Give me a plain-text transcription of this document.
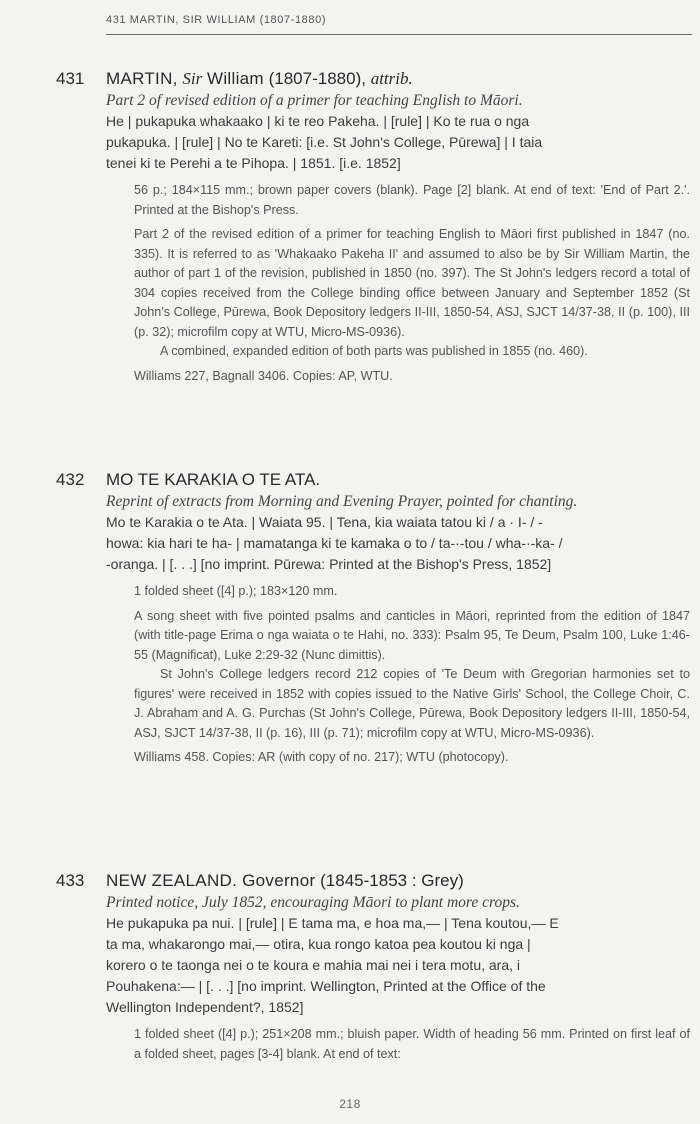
431 MARTIN, SIR WILLIAM (1807-1880)
431 MARTIN, Sir William (1807-1880), attrib.
Part 2 of revised edition of a primer for teaching English to Māori.
He | pukapuka whakaako | ki te reo Pakeha. | [rule] | Ko te rua o nga
pukapuka. | [rule] | No te Kareti: [i.e. St John's College, Pūrewa] | I taia
tenei ki te Perehi a te Pihopa. | 1851. [i.e. 1852]
56 p.; 184×115 mm.; brown paper covers (blank). Page [2] blank. At end of text: 'End of Part 2.'. Printed at the Bishop's Press.
Part 2 of the revised edition of a primer for teaching English to Māori first published in 1847 (no. 335). It is referred to as 'Whakaako Pakeha II' and assumed to also be by Sir William Martin, the author of part 1 of the revision, published in 1850 (no. 397). The St John's ledgers record a total of 304 copies received from the College binding office between January and September 1852 (St John's College, Pūrewa, Book Depository ledgers II-III, 1850-54, ASJ, SJCT 14/37-38, II (p. 100), III (p. 32); microfilm copy at WTU, Micro-MS-0936).
A combined, expanded edition of both parts was published in 1855 (no. 460).
Williams 227, Bagnall 3406. Copies: AP, WTU.
432 MO TE KARAKIA O TE ATA.
Reprint of extracts from Morning and Evening Prayer, pointed for chanting.
Mo te Karakia o te Ata. | Waiata 95. | Tena, kia waiata tatou ki / a · I- / -
howa: kia hari te ha- | mamatanga ki te kamaka o to / ta-·-tou / wha-·-ka- /
-oranga. | [. . .] [no imprint. Pūrewa: Printed at the Bishop's Press, 1852]
1 folded sheet ([4] p.); 183×120 mm.
A song sheet with five pointed psalms and canticles in Māori, reprinted from the edition of 1847 (with title-page Erima o nga waiata o te Hahi, no. 333): Psalm 95, Te Deum, Psalm 100, Luke 1:46-55 (Magnificat), Luke 2:29-32 (Nunc dimittis).
St John's College ledgers record 212 copies of 'Te Deum with Gregorian harmonies set to figures' were received in 1852 with copies issued to the Native Girls' School, the College Choir, C. J. Abraham and A. G. Purchas (St John's College, Pūrewa, Book Depository ledgers II-III, 1850-54, ASJ, SJCT 14/37-38, II (p. 16), III (p. 71); microfilm copy at WTU, Micro-MS-0936).
Williams 458. Copies: AR (with copy of no. 217); WTU (photocopy).
433 NEW ZEALAND. Governor (1845-1853 : Grey)
Printed notice, July 1852, encouraging Māori to plant more crops.
He pukapuka pa nui. | [rule] | E tama ma, e hoa ma,— | Tena koutou,— E
ta ma, whakarongo mai,— otira, kua rongo katoa pea koutou ki nga |
korero o te taonga nei o te koura e mahia mai nei i tera motu, ara, i
Pouhakena:— | [. . .] [no imprint. Wellington, Printed at the Office of the
Wellington Independent?, 1852]
1 folded sheet ([4] p.); 251×208 mm.; bluish paper. Width of heading 56 mm. Printed on first leaf of a folded sheet, pages [3-4] blank. At end of text:
218
